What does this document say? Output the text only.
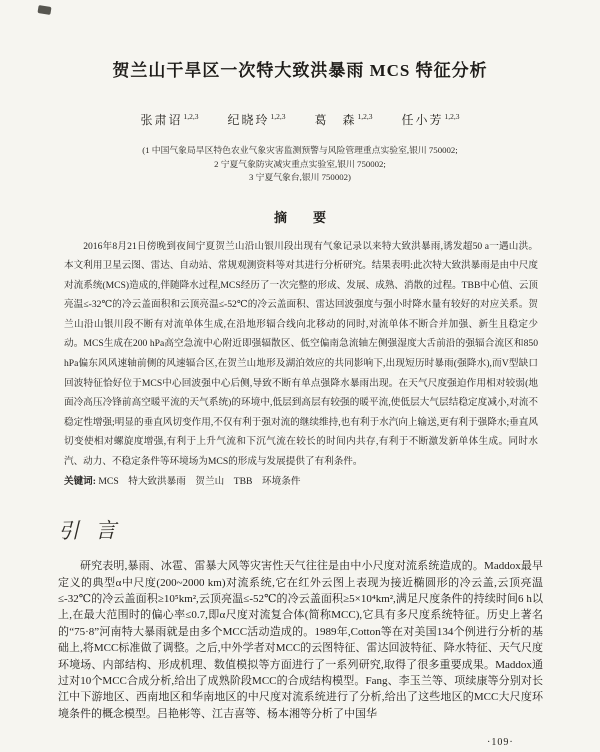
贺兰山干旱区一次特大致洪暴雨 MCS 特征分析
张肃诏$^{1,2,3}$ 纪晓玲$^{1,2,3}$ 葛　森$^{1,2,3}$ 任小芳$^{1,2,3}$
(1 中国气象局旱区特色农业气象灾害监测预警与风险管理重点实验室,银川 750002;
2 宁夏气象防灾减灾重点实验室,银川 750002;
3 宁夏气象台,银川 750002)
摘　　要

2016年8月21日傍晚到夜间宁夏贺兰山沿山银川段出现有气象记录以来特大致洪暴雨,诱发超50 a一遇山洪。本文利用卫星云图、雷达、自动站、常规观测资料等对其进行分析研究。结果表明:此次特大致洪暴雨是由中尺度对流系统(MCS)造成的,伴随降水过程,MCS经历了一次完整的形成、发展、成熟、消散的过程。TBB中心值、云顶亮温≤-32℃的冷云盖面积和云顶亮温≤-52℃的冷云盖面积、雷达回波强度与强小时降水量有较好的对应关系。贺兰山沿山银川段不断有对流单体生成,在沿地形辐合线向北移动的同时,对流单体不断合并加强、新生且稳定少动。MCS生成在200 hPa高空急流中心附近即强辐散区、低空偏南急流轴左侧强湿度大舌前沿的强辐合流区和850 hPa偏东风风速轴前侧的风速辐合区,在贺兰山地形及湖泊效应的共同影响下,出现短历时暴雨(强降水),而V型缺口回波特征恰好位于MCS中心回波强中心后侧,导致不断有单点强降水暴雨出现。在天气尺度强迫作用相对较弱(地面冷高压冷锋前高空暖平流的天气系统)的环境中,低层到高层有较强的暖平流,使低层大气层结稳定度减小,对流不稳定性增强;明显的垂直风切变作用,不仅有利于强对流的继续维持,也有利于水汽向上输送,更有利于强降水;垂直风切变使相对螺旋度增强,有利于上升气流和下沉气流在较长的时间内共存,有利于不断激发新单体生成。同时水汽、动力、不稳定条件等环境场为MCS的形成与发展提供了有利条件。

关键词: MCS　特大致洪暴雨　贺兰山　TBB　环境条件

引言

研究表明,暴雨、冰雹、雷暴大风等灾害性天气往往是由中小尺度对流系统造成的。Maddox最早定义的典型α中尺度(200~2000 km)对流系统,它在红外云图上表现为接近椭圆形的冷云盖,云顶亮温≤-32℃的冷云盖面积≥10⁵km²,云顶亮温≤-52℃的冷云盖面积≥5×10⁴km²,满足尺度条件的持续时间6 h以上,在最大范围时的偏心率≤0.7,即α尺度对流复合体(简称MCC),它具有多尺度系统特征。历史上著名的“75·8”河南特大暴雨就是由多个MCC活动造成的。1989年,Cotton等在对美国134个例进行分析的基础上,将MCC标准做了调整。之后,中外学者对MCC的云图特征、雷达回波特征、降水特征、天气尺度环境场、内部结构、形成机理、数值模拟等方面进行了一系列研究,取得了很多重要成果。Maddox通过对10个MCC合成分析,给出了成熟阶段MCC的合成结构模型。Fang、李玉兰等、项续康等分别对长江中下游地区、西南地区和华南地区的中尺度对流系统进行了分析,给出了这些地区的MCC大尺度环境条件的概念模型。吕艳彬等、江吉喜等、杨本湘等分析了中国华

·109·
